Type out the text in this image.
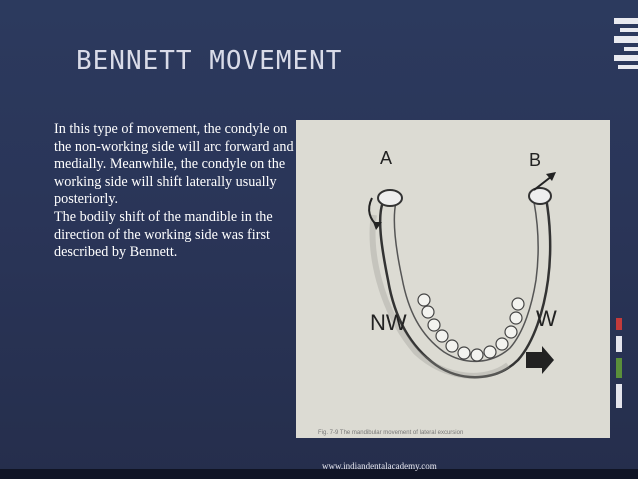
BENNETT MOVEMENT

In this type of movement, the condyle on the non-working side will arc forward and medially. Meanwhile, the condyle on the working side will shift laterally usually posteriorly.

The bodily shift of the mandible in the direction of the working side was first described by Bennett.

A	B
NW	W
Fig. 7-9 The mandibular movement of lateral excursion
www.indiandentalacademy.com
